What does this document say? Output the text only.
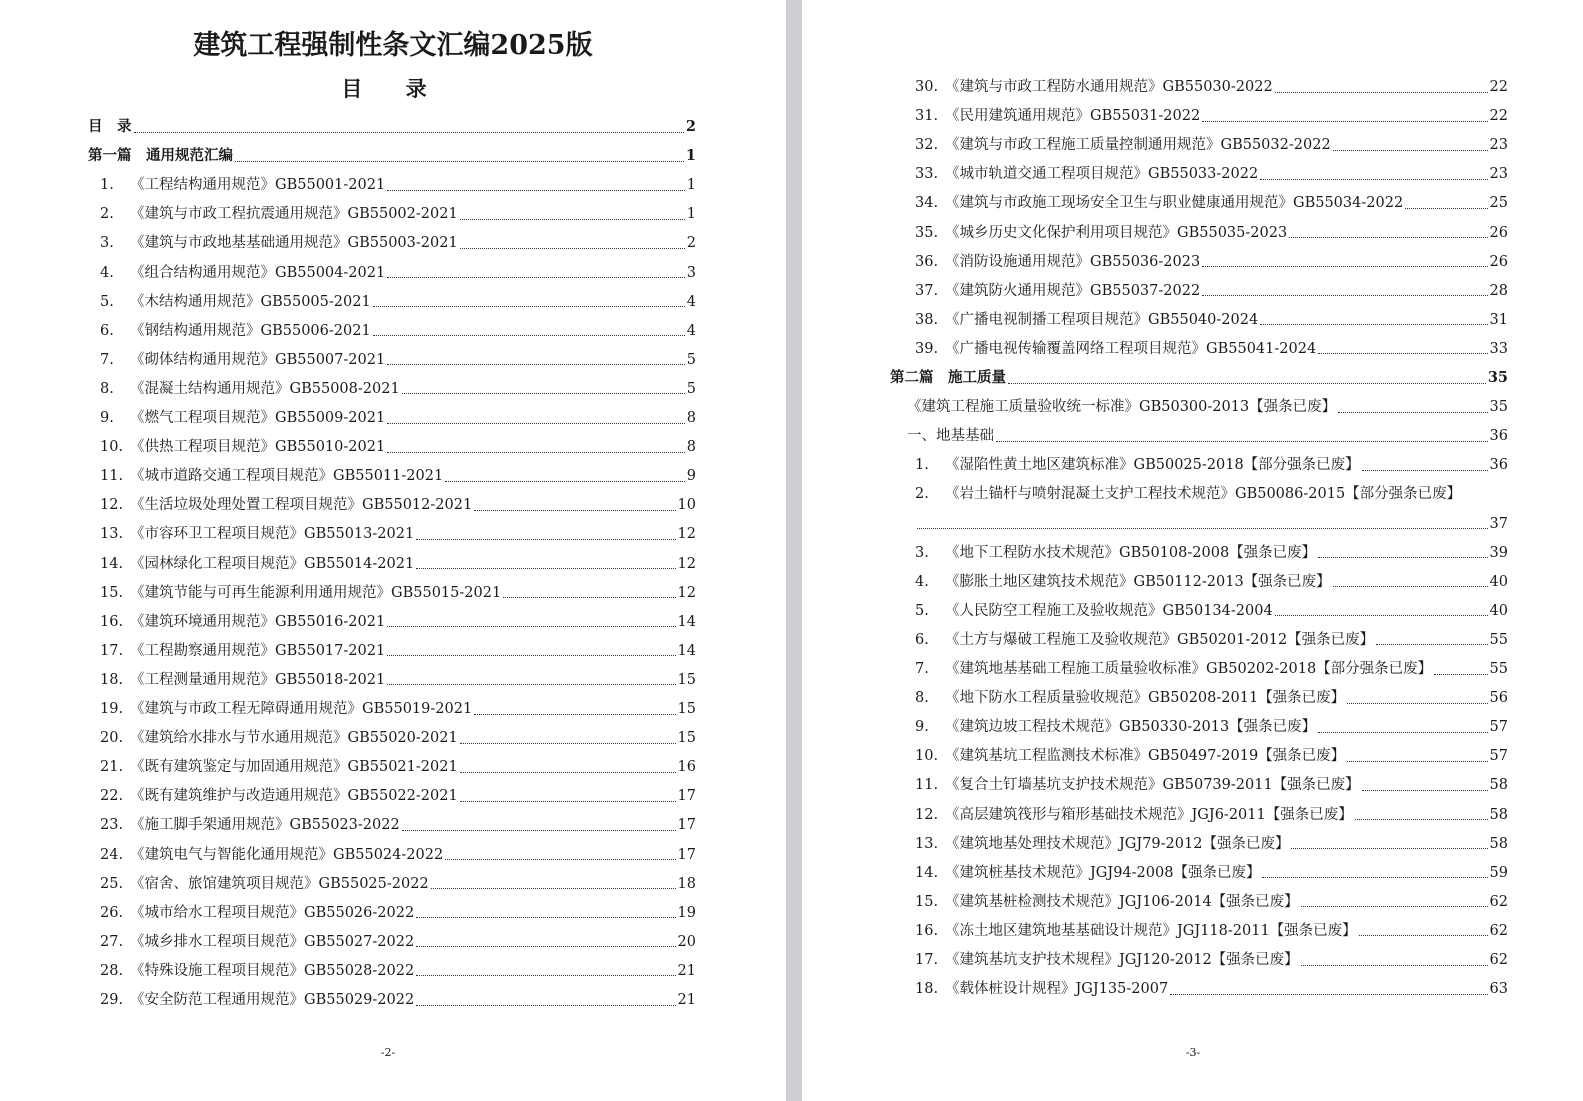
建筑工程强制性条文汇编2025版
目 录
-2-	-3-
目　录	2
第一篇　通用规范汇编	1
1.	《工程结构通用规范》GB55001-2021	1
2.	《建筑与市政工程抗震通用规范》GB55002-2021	1
3.	《建筑与市政地基基础通用规范》GB55003-2021	2
4.	《组合结构通用规范》GB55004-2021	3
5.	《木结构通用规范》GB55005-2021	4
6.	《钢结构通用规范》GB55006-2021	4
7.	《砌体结构通用规范》GB55007-2021	5
8.	《混凝土结构通用规范》GB55008-2021	5
9.	《燃气工程项目规范》GB55009-2021	8
10. 《供热工程项目规范》GB55010-2021	8
11. 《城市道路交通工程项目规范》GB55011-2021	9
12. 《生活垃圾处理处置工程项目规范》GB55012-2021	10
13. 《市容环卫工程项目规范》GB55013-2021	12
14. 《园林绿化工程项目规范》GB55014-2021	12
15. 《建筑节能与可再生能源利用通用规范》GB55015-2021	12
16. 《建筑环境通用规范》GB55016-2021	14
17. 《工程勘察通用规范》GB55017-2021	14
18. 《工程测量通用规范》GB55018-2021	15
19. 《建筑与市政工程无障碍通用规范》GB55019-2021	15
20. 《建筑给水排水与节水通用规范》GB55020-2021	15
21. 《既有建筑鉴定与加固通用规范》GB55021-2021	16
22. 《既有建筑维护与改造通用规范》GB55022-2021	17
23. 《施工脚手架通用规范》GB55023-2022	17
24. 《建筑电气与智能化通用规范》GB55024-2022	17
25. 《宿舍、旅馆建筑项目规范》GB55025-2022	18
26. 《城市给水工程项目规范》GB55026-2022	19
27. 《城乡排水工程项目规范》GB55027-2022	20
28. 《特殊设施工程项目规范》GB55028-2022	21
29. 《安全防范工程通用规范》GB55029-2022	21
30. 《建筑与市政工程防水通用规范》GB55030-2022	22
31. 《民用建筑通用规范》GB55031-2022	22
32. 《建筑与市政工程施工质量控制通用规范》GB55032-2022	23
33. 《城市轨道交通工程项目规范》GB55033-2022	23
34. 《建筑与市政施工现场安全卫生与职业健康通用规范》GB55034-2022	25
35. 《城乡历史文化保护利用项目规范》GB55035-2023	26
36. 《消防设施通用规范》GB55036-2023	26
37. 《建筑防火通用规范》GB55037-2022	28
38. 《广播电视制播工程项目规范》GB55040-2024	31
39. 《广播电视传输覆盖网络工程项目规范》GB55041-2024	33
第二篇　施工质量	35
《建筑工程施工质量验收统一标准》GB50300-2013【强条已废】	35
一、地基基础	36
1.	《湿陷性黄土地区建筑标准》GB50025-2018【部分强条已废】	36
2.	《岩土锚杆与喷射混凝土支护工程技术规范》GB50086-2015【部分强条已废】
37
3.	《地下工程防水技术规范》GB50108-2008【强条已废】	39
4.	《膨胀土地区建筑技术规范》GB50112-2013【强条已废】	40
5.	《人民防空工程施工及验收规范》GB50134-2004	40
6.	《土方与爆破工程施工及验收规范》GB50201-2012【强条已废】	55
7.	《建筑地基基础工程施工质量验收标准》GB50202-2018【部分强条已废】	55
8.	《地下防水工程质量验收规范》GB50208-2011【强条已废】	56
9.	《建筑边坡工程技术规范》GB50330-2013【强条已废】	57
10. 《建筑基坑工程监测技术标准》GB50497-2019【强条已废】	57
11. 《复合土钉墙基坑支护技术规范》GB50739-2011【强条已废】	58
12. 《高层建筑筏形与箱形基础技术规范》JGJ6-2011【强条已废】	58
13. 《建筑地基处理技术规范》JGJ79-2012【强条已废】	58
14. 《建筑桩基技术规范》JGJ94-2008【强条已废】	59
15. 《建筑基桩检测技术规范》JGJ106-2014【强条已废】	62
16. 《冻土地区建筑地基基础设计规范》JGJ118-2011【强条已废】	62
17. 《建筑基坑支护技术规程》JGJ120-2012【强条已废】	62
18. 《载体桩设计规程》JGJ135-2007	63
